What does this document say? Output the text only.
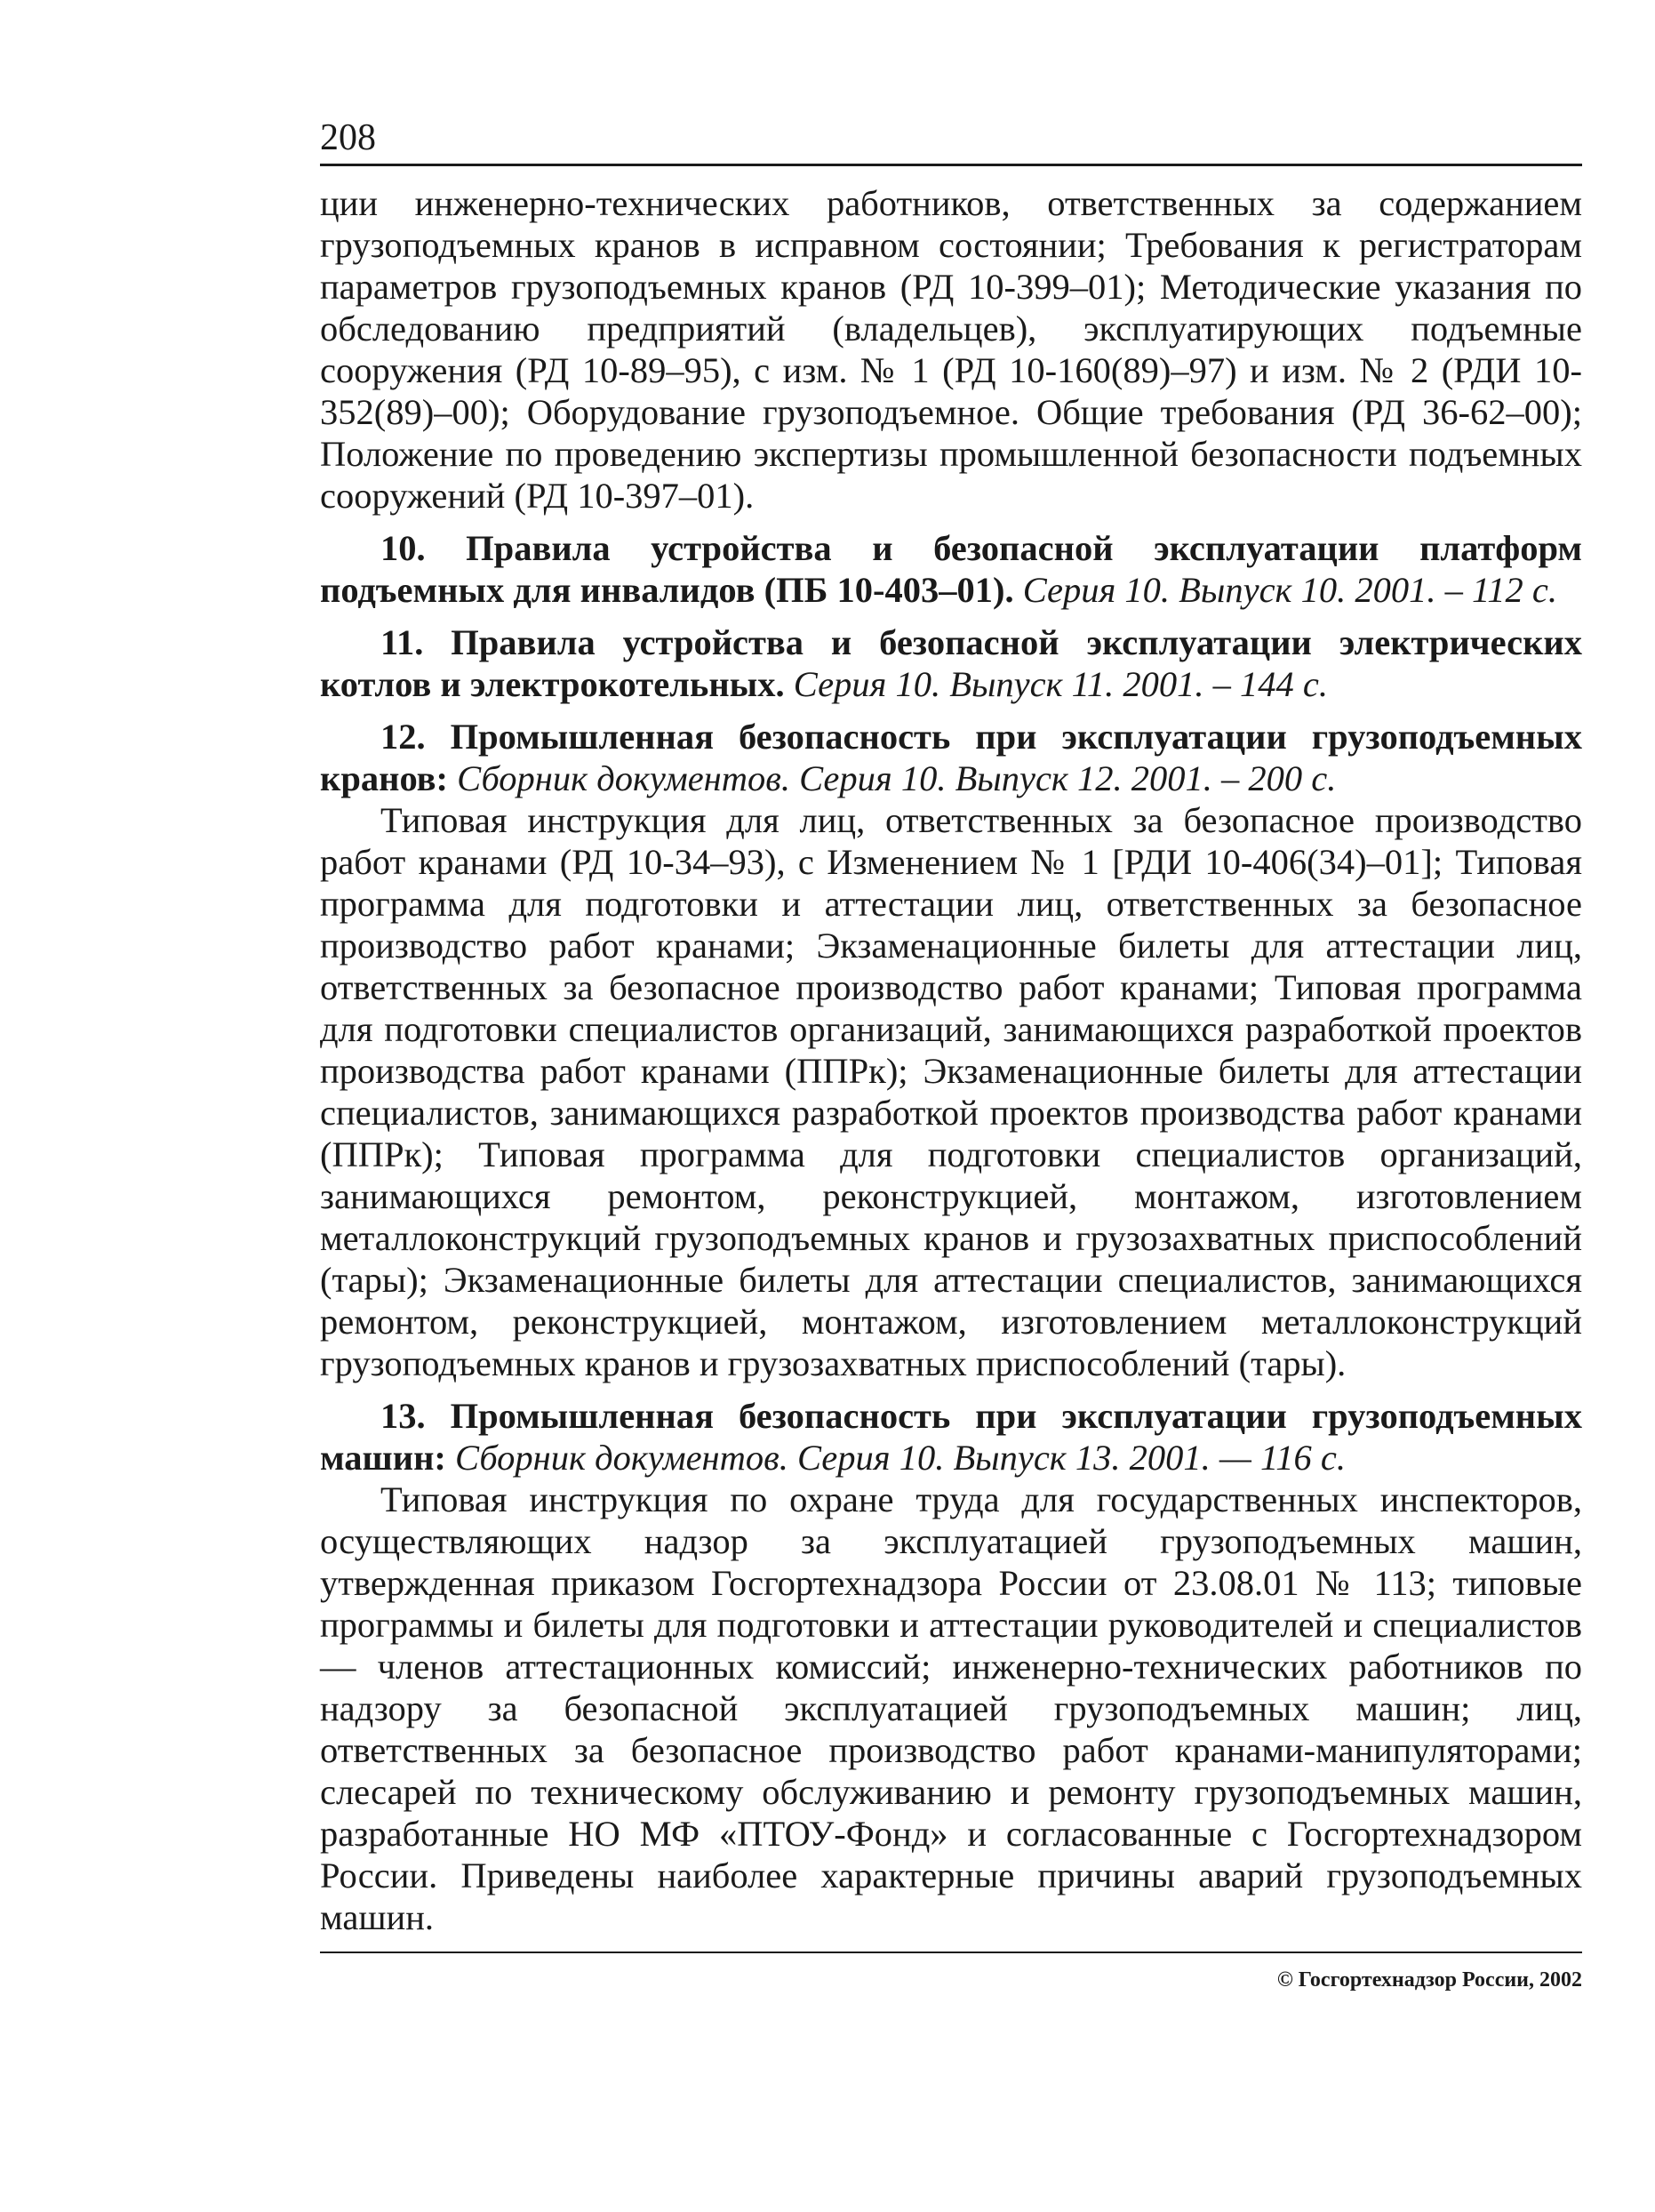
208

ции инженерно-технических работников, ответственных за содержанием грузоподъемных кранов в исправном состоянии; Требования к регистраторам параметров грузоподъемных кранов (РД 10-399–01); Методические указания по обследованию предприятий (владельцев), эксплуатирующих подъемные сооружения (РД 10-89–95), с изм. № 1 (РД 10-160(89)–97) и изм. № 2 (РДИ 10-352(89)–00); Оборудование грузоподъемное. Общие требования (РД 36-62–00); Положение по проведению экспертизы промышленной безопасности подъемных сооружений (РД 10-397–01).

10. Правила устройства и безопасной эксплуатации платформ подъемных для инвалидов (ПБ 10-403–01). Серия 10. Выпуск 10. 2001. – 112 с.

11. Правила устройства и безопасной эксплуатации электрических котлов и электрокотельных. Серия 10. Выпуск 11. 2001. – 144 с.

12. Промышленная безопасность при эксплуатации грузоподъемных кранов: Сборник документов. Серия 10. Выпуск 12. 2001. – 200 с.

Типовая инструкция для лиц, ответственных за безопасное производство работ кранами (РД 10-34–93), с Изменением № 1 [РДИ 10-406(34)–01]; Типовая программа для подготовки и аттестации лиц, ответственных за безопасное производство работ кранами; Экзаменационные билеты для аттестации лиц, ответственных за безопасное производство работ кранами; Типовая программа для подготовки специалистов организаций, занимающихся разработкой проектов производства работ кранами (ППРк); Экзаменационные билеты для аттестации специалистов, занимающихся разработкой проектов производства работ кранами (ППРк); Типовая программа для подготовки специалистов организаций, занимающихся ремонтом, реконструкцией, монтажом, изготовлением металлоконструкций грузоподъемных кранов и грузозахватных приспособлений (тары); Экзаменационные билеты для аттестации специалистов, занимающихся ремонтом, реконструкцией, монтажом, изготовлением металлоконструкций грузоподъемных кранов и грузозахватных приспособлений (тары).

13. Промышленная безопасность при эксплуатации грузоподъемных машин: Сборник документов. Серия 10. Выпуск 13. 2001. — 116 с.

Типовая инструкция по охране труда для государственных инспекторов, осуществляющих надзор за эксплуатацией грузоподъемных машин, утвержденная приказом Госгортехнадзора России от 23.08.01 № 113; типовые программы и билеты для подготовки и аттестации руководителей и специалистов — членов аттестационных комиссий; инженерно-технических работников по надзору за безопасной эксплуатацией грузоподъемных машин; лиц, ответственных за безопасное производство работ кранами-манипуляторами; слесарей по техническому обслуживанию и ремонту грузоподъемных машин, разработанные НО МФ «ПТОУ-Фонд» и согласованные с Госгортехнадзором России. Приведены наиболее характерные причины аварий грузоподъемных машин.

© Госгортехнадзор России, 2002
